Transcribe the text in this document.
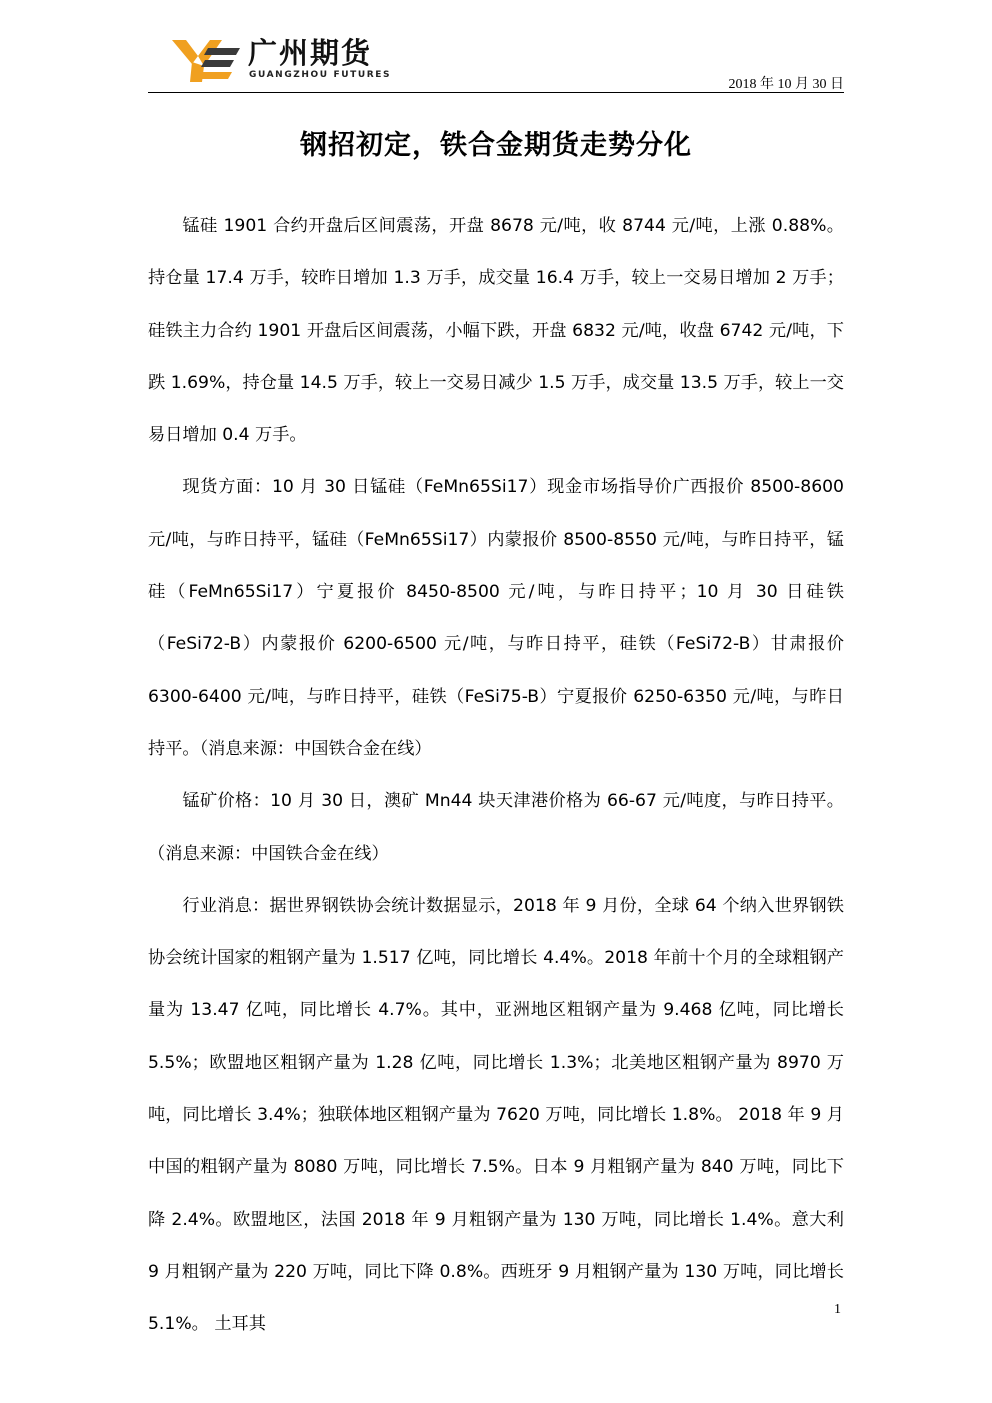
广州期货
GUANGZHOU FUTURES
2018 年 10 月 30 日
钢招初定，铁合金期货走势分化

锰硅 1901 合约开盘后区间震荡，开盘 8678 元/吨，收 8744 元/吨，上涨 0.88%。持仓量 17.4 万手，较昨日增加 1.3 万手，成交量 16.4 万手，较上一交易日增加 2 万手；硅铁主力合约 1901 开盘后区间震荡，小幅下跌，开盘 6832 元/吨，收盘 6742 元/吨，下跌 1.69%，持仓量 14.5 万手，较上一交易日减少 1.5 万手，成交量 13.5 万手，较上一交易日增加 0.4 万手。

现货方面：10 月 30 日锰硅（FeMn65Si17）现金市场指导价广西报价 8500-8600 元/吨，与昨日持平，锰硅（FeMn65Si17）内蒙报价 8500-8550 元/吨，与昨日持平，锰硅（FeMn65Si17）宁夏报价 8450-8500 元/吨，与昨日持平；10 月 30 日硅铁（FeSi72-B）内蒙报价 6200-6500 元/吨，与昨日持平，硅铁（FeSi72-B）甘肃报价 6300-6400 元/吨，与昨日持平，硅铁（FeSi75-B）宁夏报价 6250-6350 元/吨，与昨日持平。（消息来源：中国铁合金在线）

锰矿价格：10 月 30 日，澳矿 Mn44 块天津港价格为 66-67 元/吨度，与昨日持平。（消息来源：中国铁合金在线）

行业消息：据世界钢铁协会统计数据显示，2018 年 9 月份，全球 64 个纳入世界钢铁协会统计国家的粗钢产量为 1.517 亿吨，同比增长 4.4%。2018 年前十个月的全球粗钢产量为 13.47 亿吨，同比增长 4.7%。其中，亚洲地区粗钢产量为 9.468 亿吨，同比增长 5.5%；欧盟地区粗钢产量为 1.28 亿吨，同比增长 1.3%；北美地区粗钢产量为 8970 万吨，同比增长 3.4%；独联体地区粗钢产量为 7620 万吨，同比增长 1.8%。 2018 年 9 月中国的粗钢产量为 8080 万吨，同比增长 7.5%。日本 9 月粗钢产量为 840 万吨，同比下降 2.4%。欧盟地区，法国 2018 年 9 月粗钢产量为 130 万吨，同比增长 1.4%。意大利 9 月粗钢产量为 220 万吨，同比下降 0.8%。西班牙 9 月粗钢产量为 130 万吨，同比增长 5.1%。 土耳其

1
